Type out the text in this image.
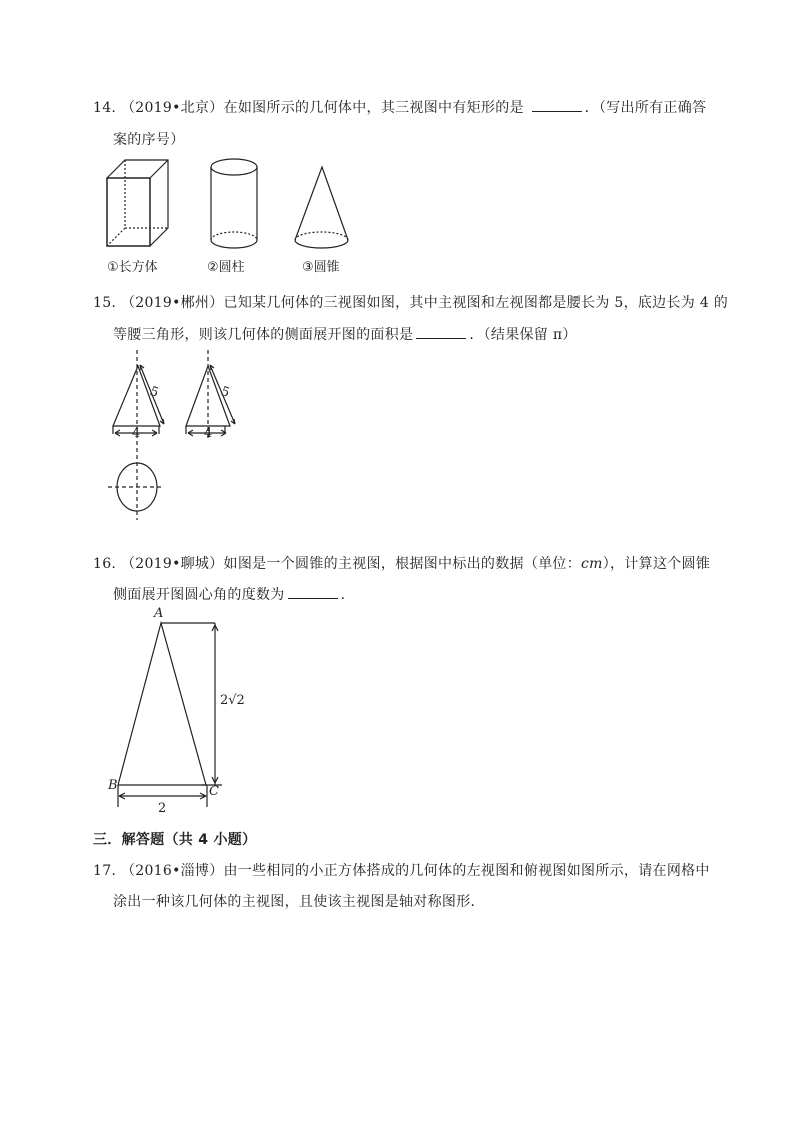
14. （2019•北京）在如图所示的几何体中，其三视图中有矩形的是	．（写出所有正确答
案的序号）
①长方体	②圆柱	③圆锥
15. （2019•郴州）已知某几何体的三视图如图，其中主视图和左视图都是腰长为 5，底边长为 4 的
等腰三角形，则该几何体的侧面展开图的面积是	．（结果保留 π）
5
4
5
4
16. （2019•聊城）如图是一个圆锥的主视图，根据图中标出的数据（单位：cm），计算这个圆锥
侧面展开图圆心角的度数为	．
A
B	C
2√2
2
三．解答题（共 4 小题）
17. （2016•淄博）由一些相同的小正方体搭成的几何体的左视图和俯视图如图所示，请在网格中
涂出一种该几何体的主视图，且使该主视图是轴对称图形．
